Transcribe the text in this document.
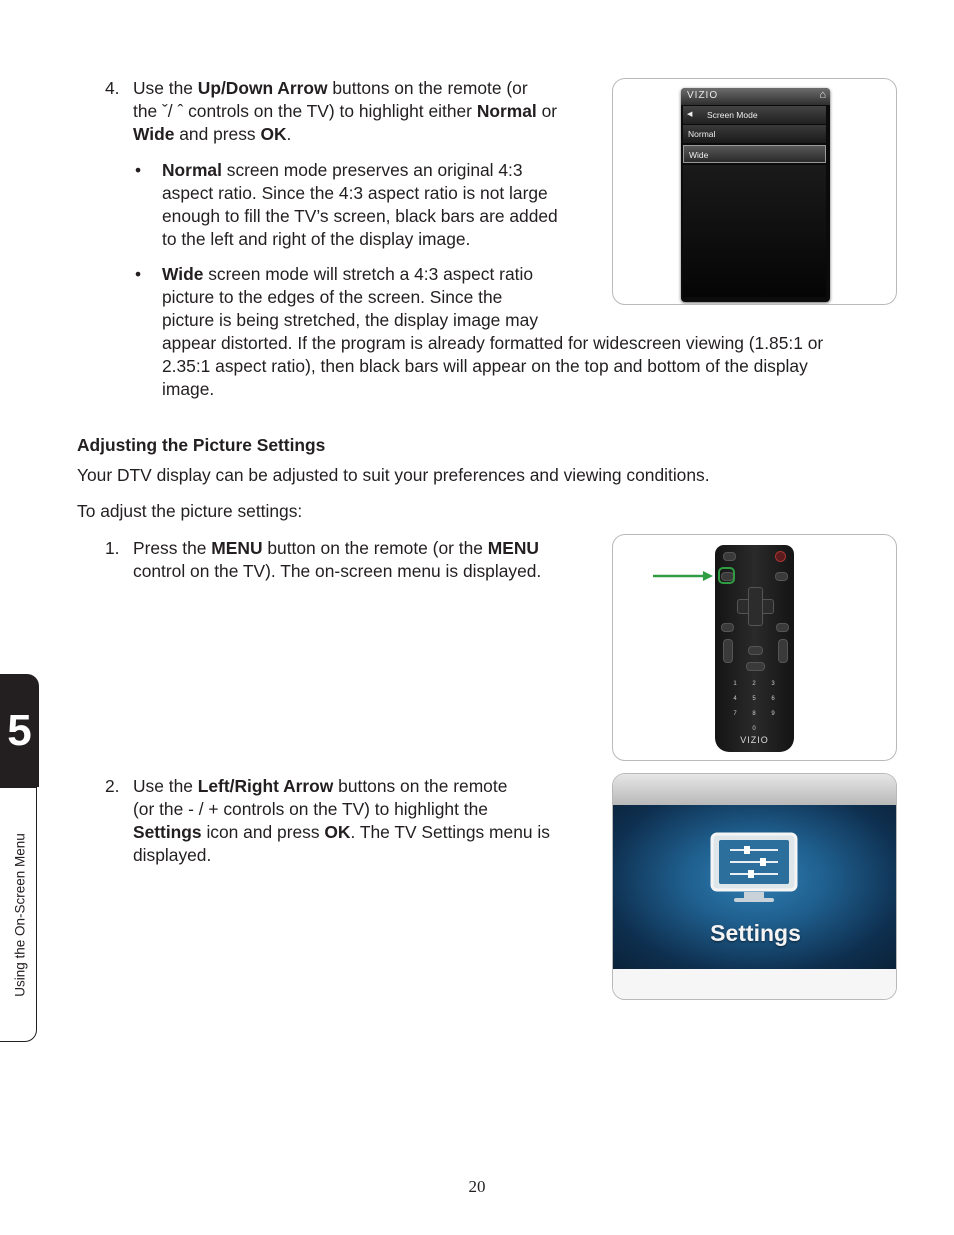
4. Use the Up/Down Arrow buttons on the remote (or

the ˇ/ ˆ controls on the TV) to highlight either Normal or

Wide and press OK.

• Normal screen mode preserves an original 4:3

aspect ratio. Since the 4:3 aspect ratio is not large

enough to fill the TV’s screen, black bars are added

to the left and right of the display image.

• Wide screen mode will stretch a 4:3 aspect ratio

picture to the edges of the screen. Since the

picture is being stretched, the display image may

appear distorted. If the program is already formatted for widescreen viewing (1.85:1 or

2.35:1 aspect ratio), then black bars will appear on the top and bottom of the display

image.

VIZIO	⌂
◀ Screen Mode
Normal
Wide

Adjusting the Picture Settings

Your DTV display can be adjusted to suit your preferences and viewing conditions.

To adjust the picture settings:

1. Press the MENU button on the remote (or the MENU

control on the TV). The on-screen menu is displayed.

1	2	3
4	5	6
7	8	9
0
VIZIO
2. Use the Left/Right Arrow buttons on the remote

(or the - / + controls on the TV) to highlight the

Settings icon and press OK. The TV Settings menu is

displayed.

Settings
5
Using the On-Screen Menu
20
